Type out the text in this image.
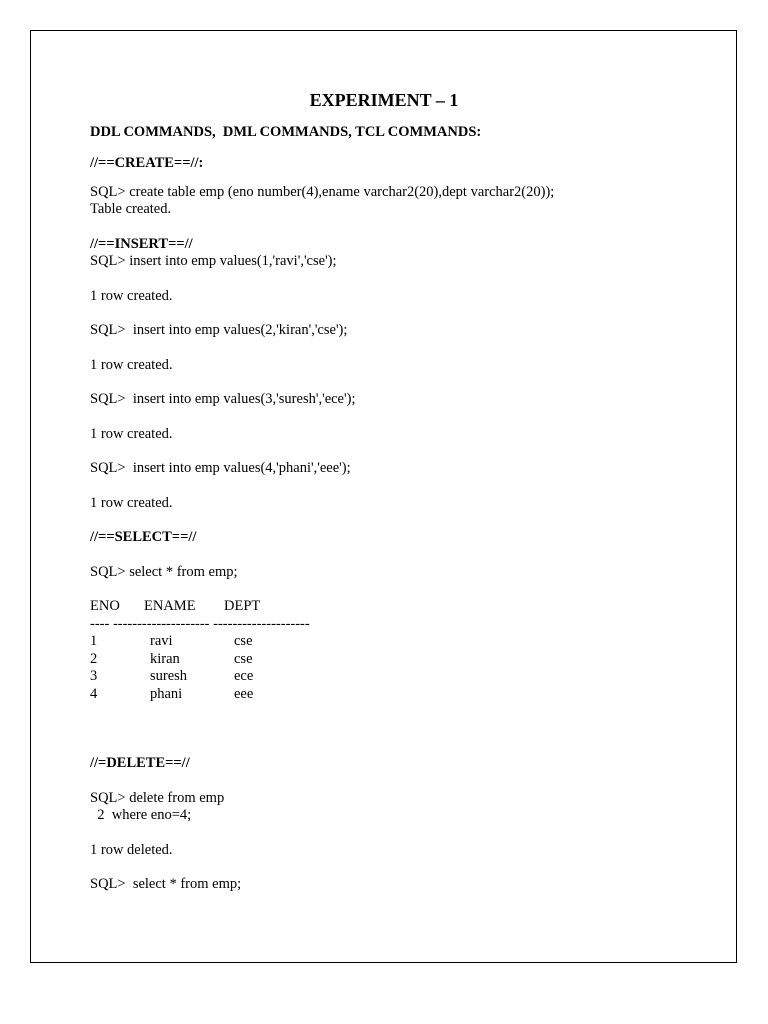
EXPERIMENT – 1
DDL COMMANDS,  DML COMMANDS, TCL COMMANDS:
//==CREATE==//:
SQL> create table emp (eno number(4),ename varchar2(20),dept varchar2(20));
Table created.
//==INSERT==//
SQL> insert into emp values(1,'ravi','cse');
1 row created.
SQL>  insert into emp values(2,'kiran','cse');
1 row created.
SQL>  insert into emp values(3,'suresh','ece');
1 row created.
SQL>  insert into emp values(4,'phani','eee');
1 row created.
//==SELECT==//
SQL> select * from emp;
ENO ENAME DEPT
---- -------------------- --------------------
1	ravi	cse
2	kiran	cse
3	suresh	ece
4	phani	eee
//=DELETE==//
SQL> delete from emp
2  where eno=4;
1 row deleted.
SQL>  select * from emp;
